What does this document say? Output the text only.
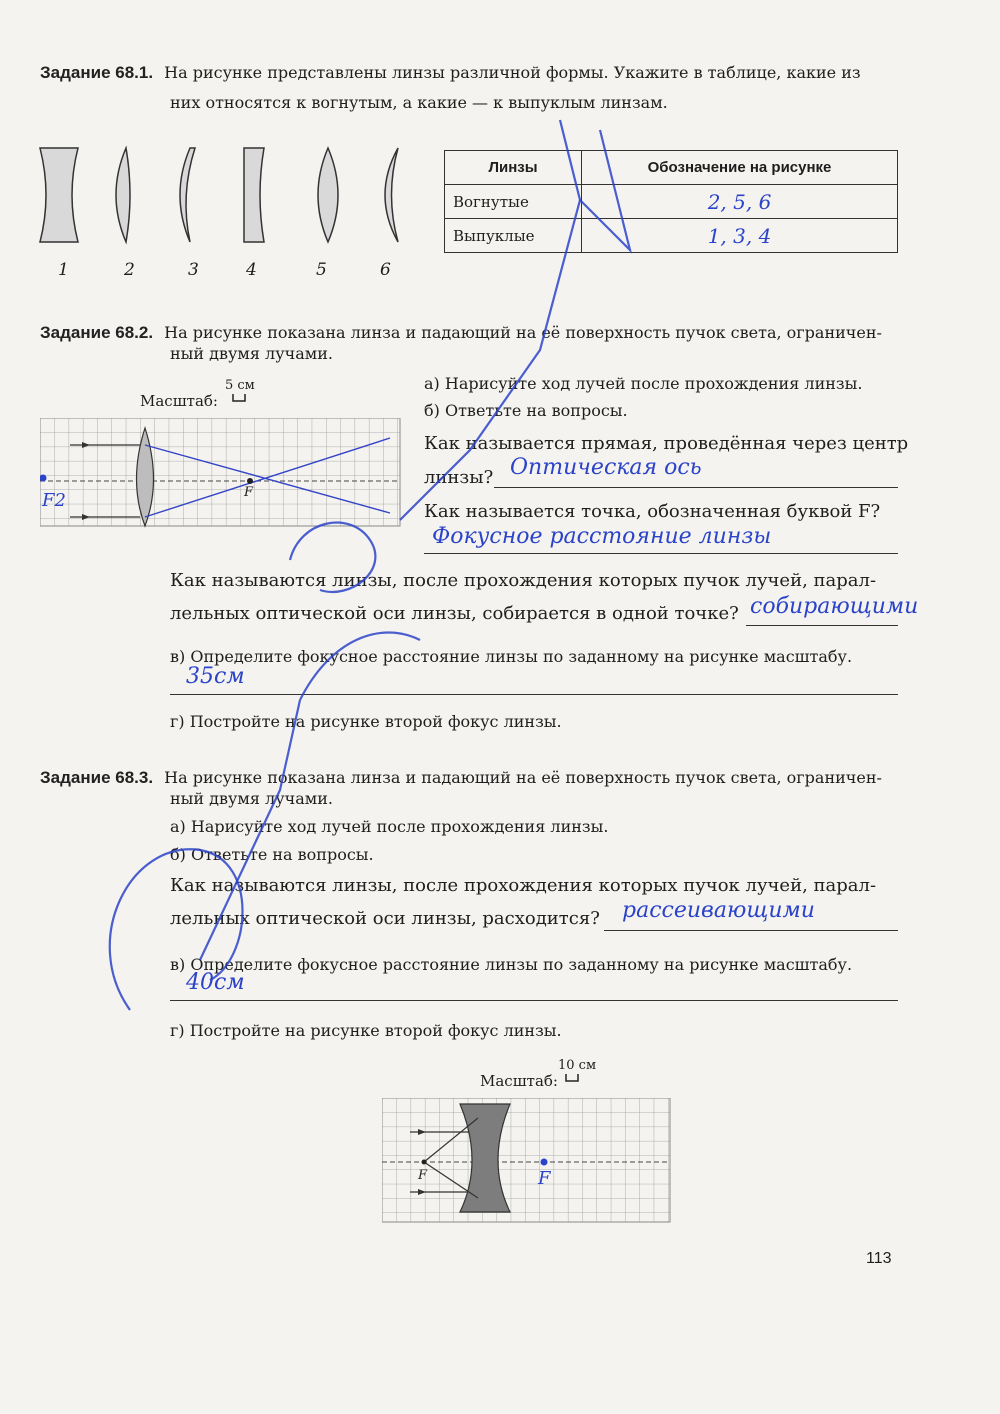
Задание 68.1. На рисунке представлены линзы различной формы. Укажите в таблице, какие из
них относятся к вогнутым, а какие — к выпуклым линзам.
1	2	3	4	5	6
Линзы	Обозначение на рисунке
Вогнутые	2, 5, 6
Выпуклые	1, 3, 4
Задание 68.2. На рисунке показана линза и падающий на её поверхность пучок света, ограничен-
ный двумя лучами.
Масштаб:
5 см
F
F2
а) Нарисуйте ход лучей после прохождения линзы.
б) Ответьте на вопросы.
Как называется прямая, проведённая через центр
линзы? Оптическая ось
Как называется точка, обозначенная буквой F?
Фокусное расстояние линзы
Как называются линзы, после прохождения которых пучок лучей, парал-
лельных оптической оси линзы, собирается в одной точке? собирающими
в) Определите фокусное расстояние линзы по заданному на рисунке масштабу.
35см
г) Постройте на рисунке второй фокус линзы.
Задание 68.3. На рисунке показана линза и падающий на её поверхность пучок света, ограничен-
ный двумя лучами.
а) Нарисуйте ход лучей после прохождения линзы.
б) Ответьте на вопросы.
Как называются линзы, после прохождения которых пучок лучей, парал-
лельных оптической оси линзы, расходится? рассеивающими
в) Определите фокусное расстояние линзы по заданному на рисунке масштабу.
40см
г) Постройте на рисунке второй фокус линзы.
Масштаб:
10 см
F	F
113
